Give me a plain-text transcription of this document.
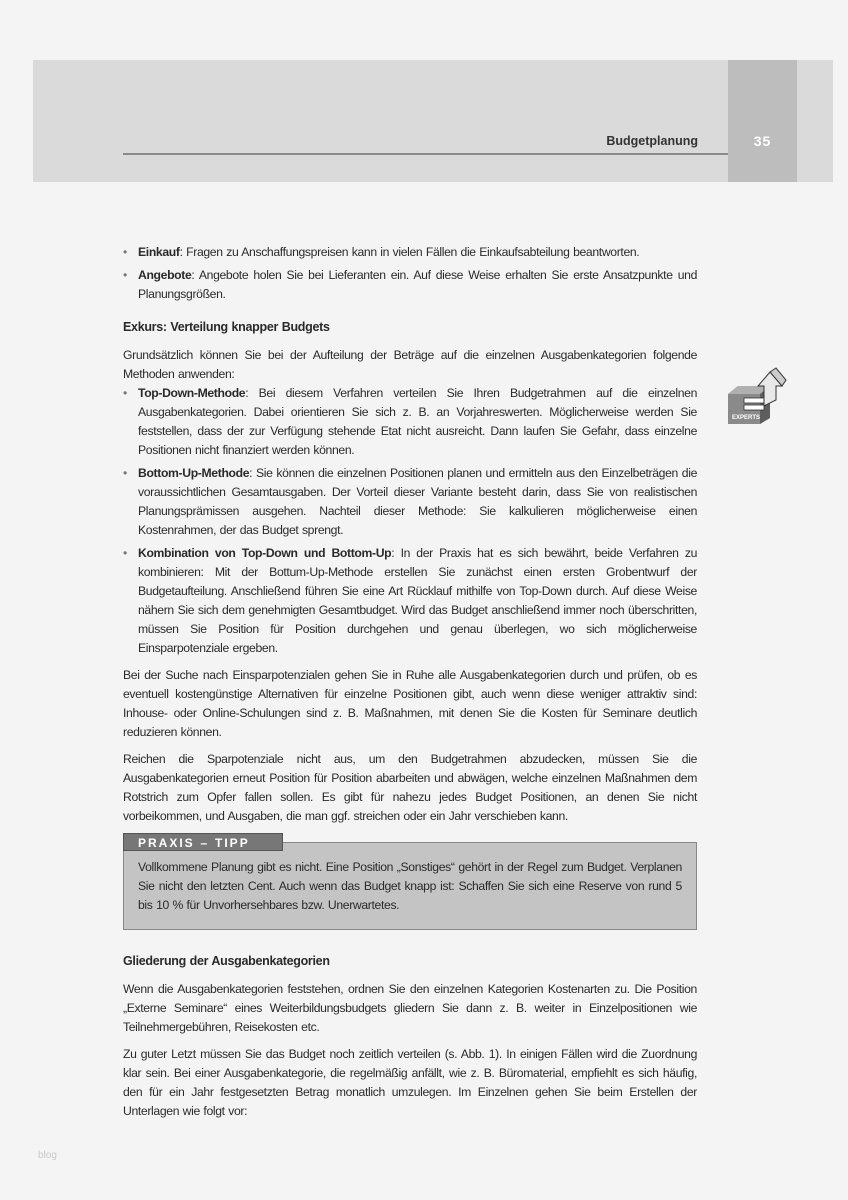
Budgetplanung	35
EXPERTS
• Einkauf: Fragen zu Anschaffungspreisen kann in vielen Fällen die Einkaufsabteilung beantworten.
• Angebote: Angebote holen Sie bei Lieferanten ein. Auf diese Weise erhalten Sie erste Ansatzpunkte und Planungsgrößen.
Exkurs: Verteilung knapper Budgets

Grundsätzlich können Sie bei der Aufteilung der Beträge auf die einzelnen Ausgabenkategorien folgende Methoden anwenden:

• Top-Down-Methode: Bei diesem Verfahren verteilen Sie Ihren Budgetrahmen auf die einzelnen Ausgabenkategorien. Dabei orientieren Sie sich z. B. an Vorjahreswerten. Möglicherweise werden Sie feststellen, dass der zur Verfügung stehende Etat nicht ausreicht. Dann laufen Sie Gefahr, dass einzelne Positionen nicht finanziert werden können.
• Bottom-Up-Methode: Sie können die einzelnen Positionen planen und ermitteln aus den Einzelbeträgen die voraussichtlichen Gesamtausgaben. Der Vorteil dieser Variante besteht darin, dass Sie von realistischen Planungsprämissen ausgehen. Nachteil dieser Methode: Sie kalkulieren möglicherweise einen Kostenrahmen, der das Budget sprengt.
• Kombination von Top-Down und Bottom-Up: In der Praxis hat es sich bewährt, beide Verfahren zu kombinieren: Mit der Bottum-Up-Methode erstellen Sie zunächst einen ersten Grobentwurf der Budgetaufteilung. Anschließend führen Sie eine Art Rücklauf mithilfe von Top-Down durch. Auf diese Weise nähern Sie sich dem genehmigten Gesamtbudget. Wird das Budget anschließend immer noch überschritten, müssen Sie Position für Position durchgehen und genau überlegen, wo sich möglicherweise Einsparpotenziale ergeben.

Bei der Suche nach Einsparpotenzialen gehen Sie in Ruhe alle Ausgabenkategorien durch und prüfen, ob es eventuell kostengünstige Alternativen für einzelne Positionen gibt, auch wenn diese weniger attraktiv sind: Inhouse- oder Online-Schulungen sind z. B. Maßnahmen, mit denen Sie die Kosten für Seminare deutlich reduzieren können.

Reichen die Sparpotenziale nicht aus, um den Budgetrahmen abzudecken, müssen Sie die Ausgabenkategorien erneut Position für Position abarbeiten und abwägen, welche einzelnen Maßnahmen dem Rotstrich zum Opfer fallen sollen. Es gibt für nahezu jedes Budget Positionen, an denen Sie nicht vorbeikommen, und Ausgaben, die man ggf. streichen oder ein Jahr verschieben kann.

PRAXIS – TIPP

Vollkommene Planung gibt es nicht. Eine Position „Sonstiges“ gehört in der Regel zum Budget. Verplanen Sie nicht den letzten Cent. Auch wenn das Budget knapp ist: Schaffen Sie sich eine Reserve von rund 5 bis 10 % für Unvorhersehbares bzw. Unerwartetes.

Gliederung der Ausgabenkategorien

Wenn die Ausgabenkategorien feststehen, ordnen Sie den einzelnen Kategorien Kostenarten zu. Die Position „Externe Seminare“ eines Weiterbildungsbudgets gliedern Sie dann z. B. weiter in Einzelpositionen wie Teilnehmergebühren, Reisekosten etc.

Zu guter Letzt müssen Sie das Budget noch zeitlich verteilen (s. Abb. 1). In einigen Fällen wird die Zuordnung klar sein. Bei einer Ausgabenkategorie, die regelmäßig anfällt, wie z. B. Büromaterial, empfiehlt es sich häufig, den für ein Jahr festgesetzten Betrag monatlich umzulegen. Im Einzelnen gehen Sie beim Erstellen der Unterlagen wie folgt vor:

blog
